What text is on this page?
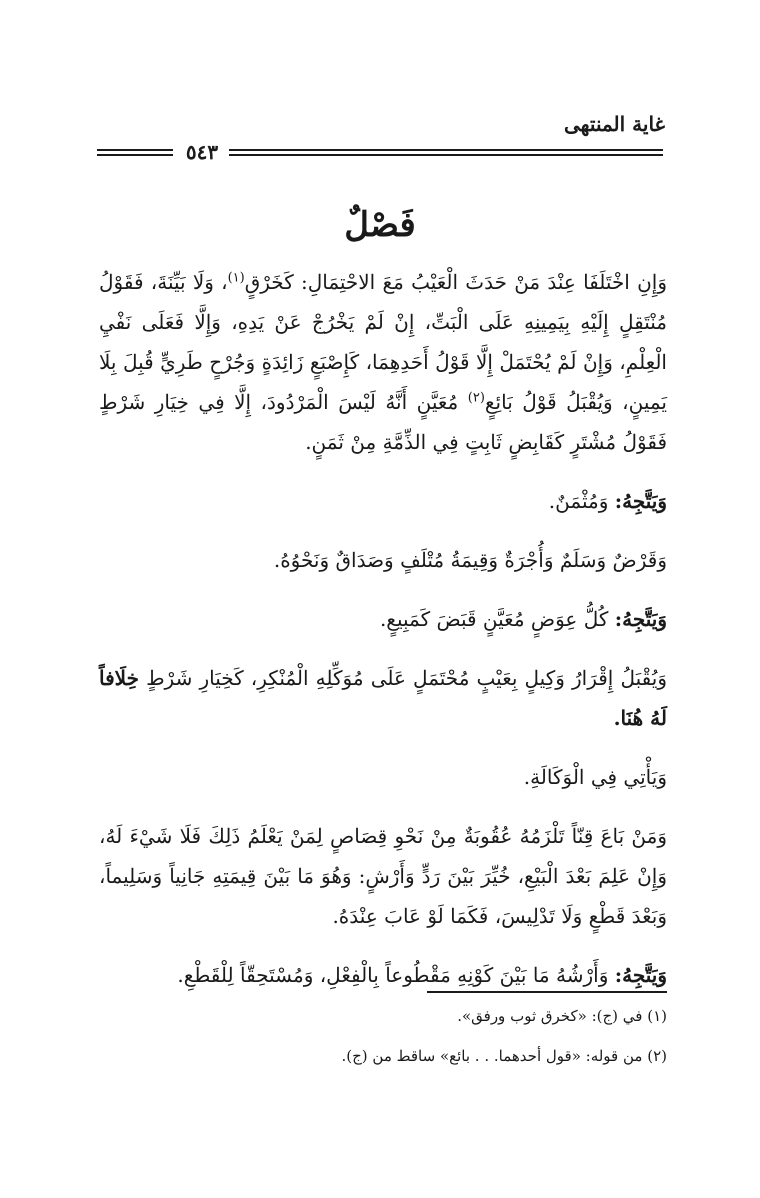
غاية المنتهى
٥٤٣
فَصْلٌ

وَإِنِ اخْتَلَفَا عِنْدَ مَنْ حَدَثَ الْعَيْبُ مَعَ الاحْتِمَالِ: كَخَرْقٍ$^{(١)}$، وَلَا بَيِّنَةَ، فَقَوْلُ مُنْتَقِلٍ إِلَيْهِ بِيَمِينِهِ عَلَى الْبَتِّ، إِنْ لَمْ يَخْرُجْ عَنْ يَدِهِ، وَإِلَّا فَعَلَى نَفْيِ الْعِلْمِ، وَإِنْ لَمْ يُحْتَمَلْ إِلَّا قَوْلُ أَحَدِهِمَا، كَإِصْبَعٍ زَائِدَةٍ وَجُرْحٍ طَرِيٍّ قُبِلَ بِلَا يَمِينٍ، وَيُقْبَلُ قَوْلُ بَائِعٍ$^{(٢)}$ مُعَيَّنٍ أَنَّهُ لَيْسَ الْمَرْدُودَ، إِلَّا فِي خِيَارِ شَرْطٍ فَقَوْلُ مُشْتَرٍ كَقَابِضٍ ثَابِتٍ فِي الذِّمَّةِ مِنْ ثَمَنٍ.

وَيَتَّجِهُ: وَمُثْمَنٌ.

وَقَرْضٌ وَسَلَمٌ وَأُجْرَةٌ وَقِيمَةُ مُتْلَفٍ وَصَدَاقٌ وَنَحْوُهُ.

وَيَتَّجِهُ: كُلُّ عِوَضٍ مُعَيَّنٍ قَبَضَ كَمَبِيعٍ.

وَيُقْبَلُ إِقْرَارُ وَكِيلٍ بِعَيْبٍ مُحْتَمَلٍ عَلَى مُوَكِّلِهِ الْمُنْكِرِ، كَخِيَارِ شَرْطٍ خِلَافاً لَهُ هُنَا.

وَيَأْتِي فِي الْوَكَالَةِ.

وَمَنْ بَاعَ قِنّاً تَلْزَمُهُ عُقُوبَةٌ مِنْ نَحْوِ قِصَاصٍ لِمَنْ يَعْلَمُ ذَلِكَ فَلَا شَيْءَ لَهُ، وَإِنْ عَلِمَ بَعْدَ الْبَيْعِ، خُيِّرَ بَيْنَ رَدٍّ وَأَرْشٍ: وَهُوَ مَا بَيْنَ قِيمَتِهِ جَانِياً وَسَلِيماً، وَبَعْدَ قَطْعٍ وَلَا تَدْلِيسَ، فَكَمَا لَوْ عَابَ عِنْدَهُ.

وَيَتَّجِهُ: وَأَرْشُهُ مَا بَيْنَ كَوْنِهِ مَقْطُوعاً بِالْفِعْلِ، وَمُسْتَحِقّاً لِلْقَطْعِ.

(١) في (ج): «كخرق ثوب ورفق».
(٢) من قوله: «قول أحدهما. . . بائع» ساقط من (ج).
